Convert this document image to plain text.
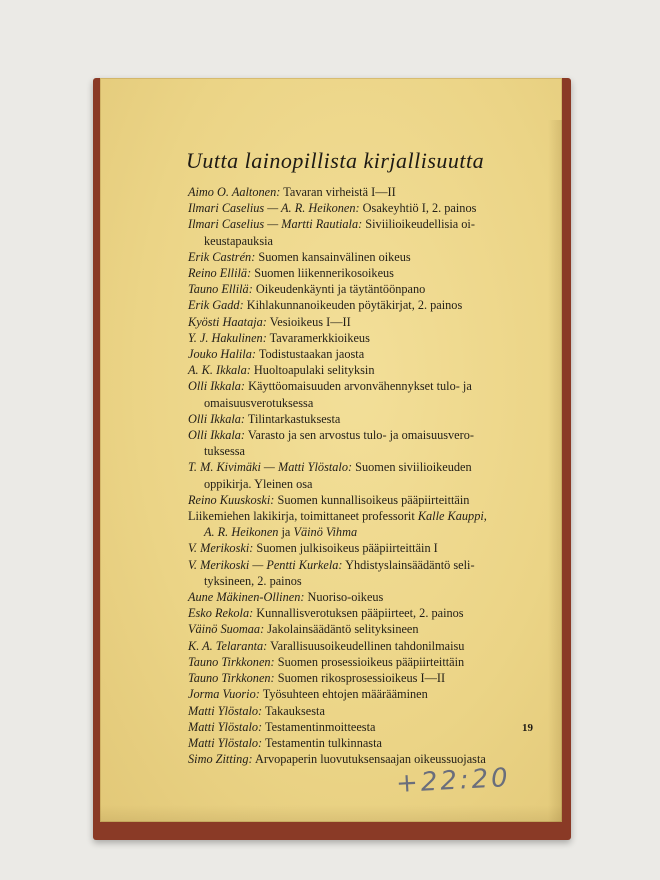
Uutta lainopillista kirjallisuutta
Aimo O. Aaltonen: Tavaran virheistä I—II
Ilmari Caselius — A. R. Heikonen: Osakeyhtiö I, 2. painos
Ilmari Caselius — Martti Rautiala: Siviilioikeudellisia oi-
keustapauksia
Erik Castrén: Suomen kansainvälinen oikeus
Reino Ellilä: Suomen liikennerikosoikeus
Tauno Ellilä: Oikeudenkäynti ja täytäntöönpano
Erik Gadd: Kihlakunnanoikeuden pöytäkirjat, 2. painos
Kyösti Haataja: Vesioikeus I—II
Y. J. Hakulinen: Tavaramerkkioikeus
Jouko Halila: Todistustaakan jaosta
A. K. Ikkala: Huoltoapulaki selityksin
Olli Ikkala: Käyttöomaisuuden arvonvähennykset tulo- ja
omaisuusverotuksessa
Olli Ikkala: Tilintarkastuksesta
Olli Ikkala: Varasto ja sen arvostus tulo- ja omaisuusvero-
tuksessa
T. M. Kivimäki — Matti Ylöstalo: Suomen siviilioikeuden
oppikirja. Yleinen osa
Reino Kuuskoski: Suomen kunnallisoikeus pääpiirteittäin
Liikemiehen lakikirja, toimittaneet professorit Kalle Kauppi,
A. R. Heikonen ja Väinö Vihma
V. Merikoski: Suomen julkisoikeus pääpiirteittäin I
V. Merikoski — Pentti Kurkela: Yhdistyslainsäädäntö seli-
tyksineen, 2. painos
Aune Mäkinen-Ollinen: Nuoriso-oikeus
Esko Rekola: Kunnallisverotuksen pääpiirteet, 2. painos
Väinö Suomaa: Jakolainsäädäntö selityksineen
K. A. Telaranta: Varallisuusoikeudellinen tahdonilmaisu
Tauno Tirkkonen: Suomen prosessioikeus pääpiirteittäin
Tauno Tirkkonen: Suomen rikosprosessioikeus I—II
Jorma Vuorio: Työsuhteen ehtojen määrääminen
Matti Ylöstalo: Takauksesta
Matti Ylöstalo: Testamentinmoitteesta
Matti Ylöstalo: Testamentin tulkinnasta
Simo Zitting: Arvopaperin luovutuksensaajan oikeussuojasta
19
+22:20
